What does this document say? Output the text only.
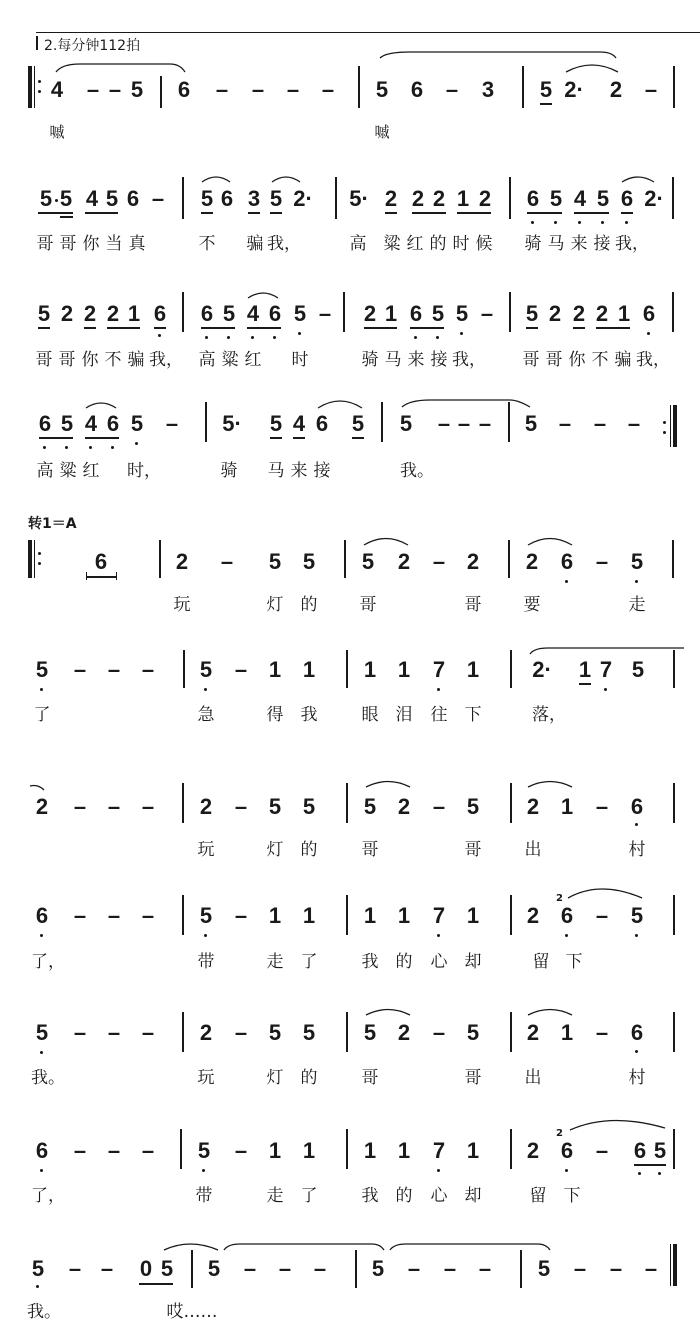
2.每分钟112拍
4 – – 5 6 – – – – 5 6 – 3 5 2· 2 –
嘁	嘁
5 5 4 5 6 – 5 6 3 5 2· 5· 2 2 2 1 2 6 5 4 5 6 2·
哥 哥 你 当 真	不 骗 我，	高 粱 红 的 时 候 骑 马 来 接 我，
5 2 2 2 1 6 6 5 4 6 5 – 2 1 6 5 5 – 5 2 2 2 1 6
哥 哥 你 不 骗 我， 高 粱 红 时	骑 马 来 接 我， 哥 哥 你 不 骗 我，
6 5 4 6 5 – 5· 5 4 6 5 5 – – – 5 – – –
高 粱 红 时，	骑 马 来 接	我。
转1＝A
6	2 – 5 5 5 2 – 2 2 6 – 5
玩	灯 的 哥	哥 要	走
5 – – – 5 – 1 1 1 1 7 1 2· 1 7 5
了	急	得 我	眼 泪 往 下	落，
2 – – – 2 – 5 5 5 2 – 5 2 1 – 6
玩	灯 的	哥	哥	出	村
6 – – – 5 – 1 1 1 1 7 1 2
2
6 – 5
了，	带	走 了	我 的 心 却	留 下
5 – – – 2 – 5 5 5 2 – 5 2 1 – 6
我。	玩	灯 的	哥	哥	出	村
6 – – – 5 – 1 1 1 1 7 1 2
2
6 – 6 5
了，	带	走 了	我 的 心 却	留 下
5 – – 0 5 5 – – – 5 – – – 5 – – –
我。	哎……
